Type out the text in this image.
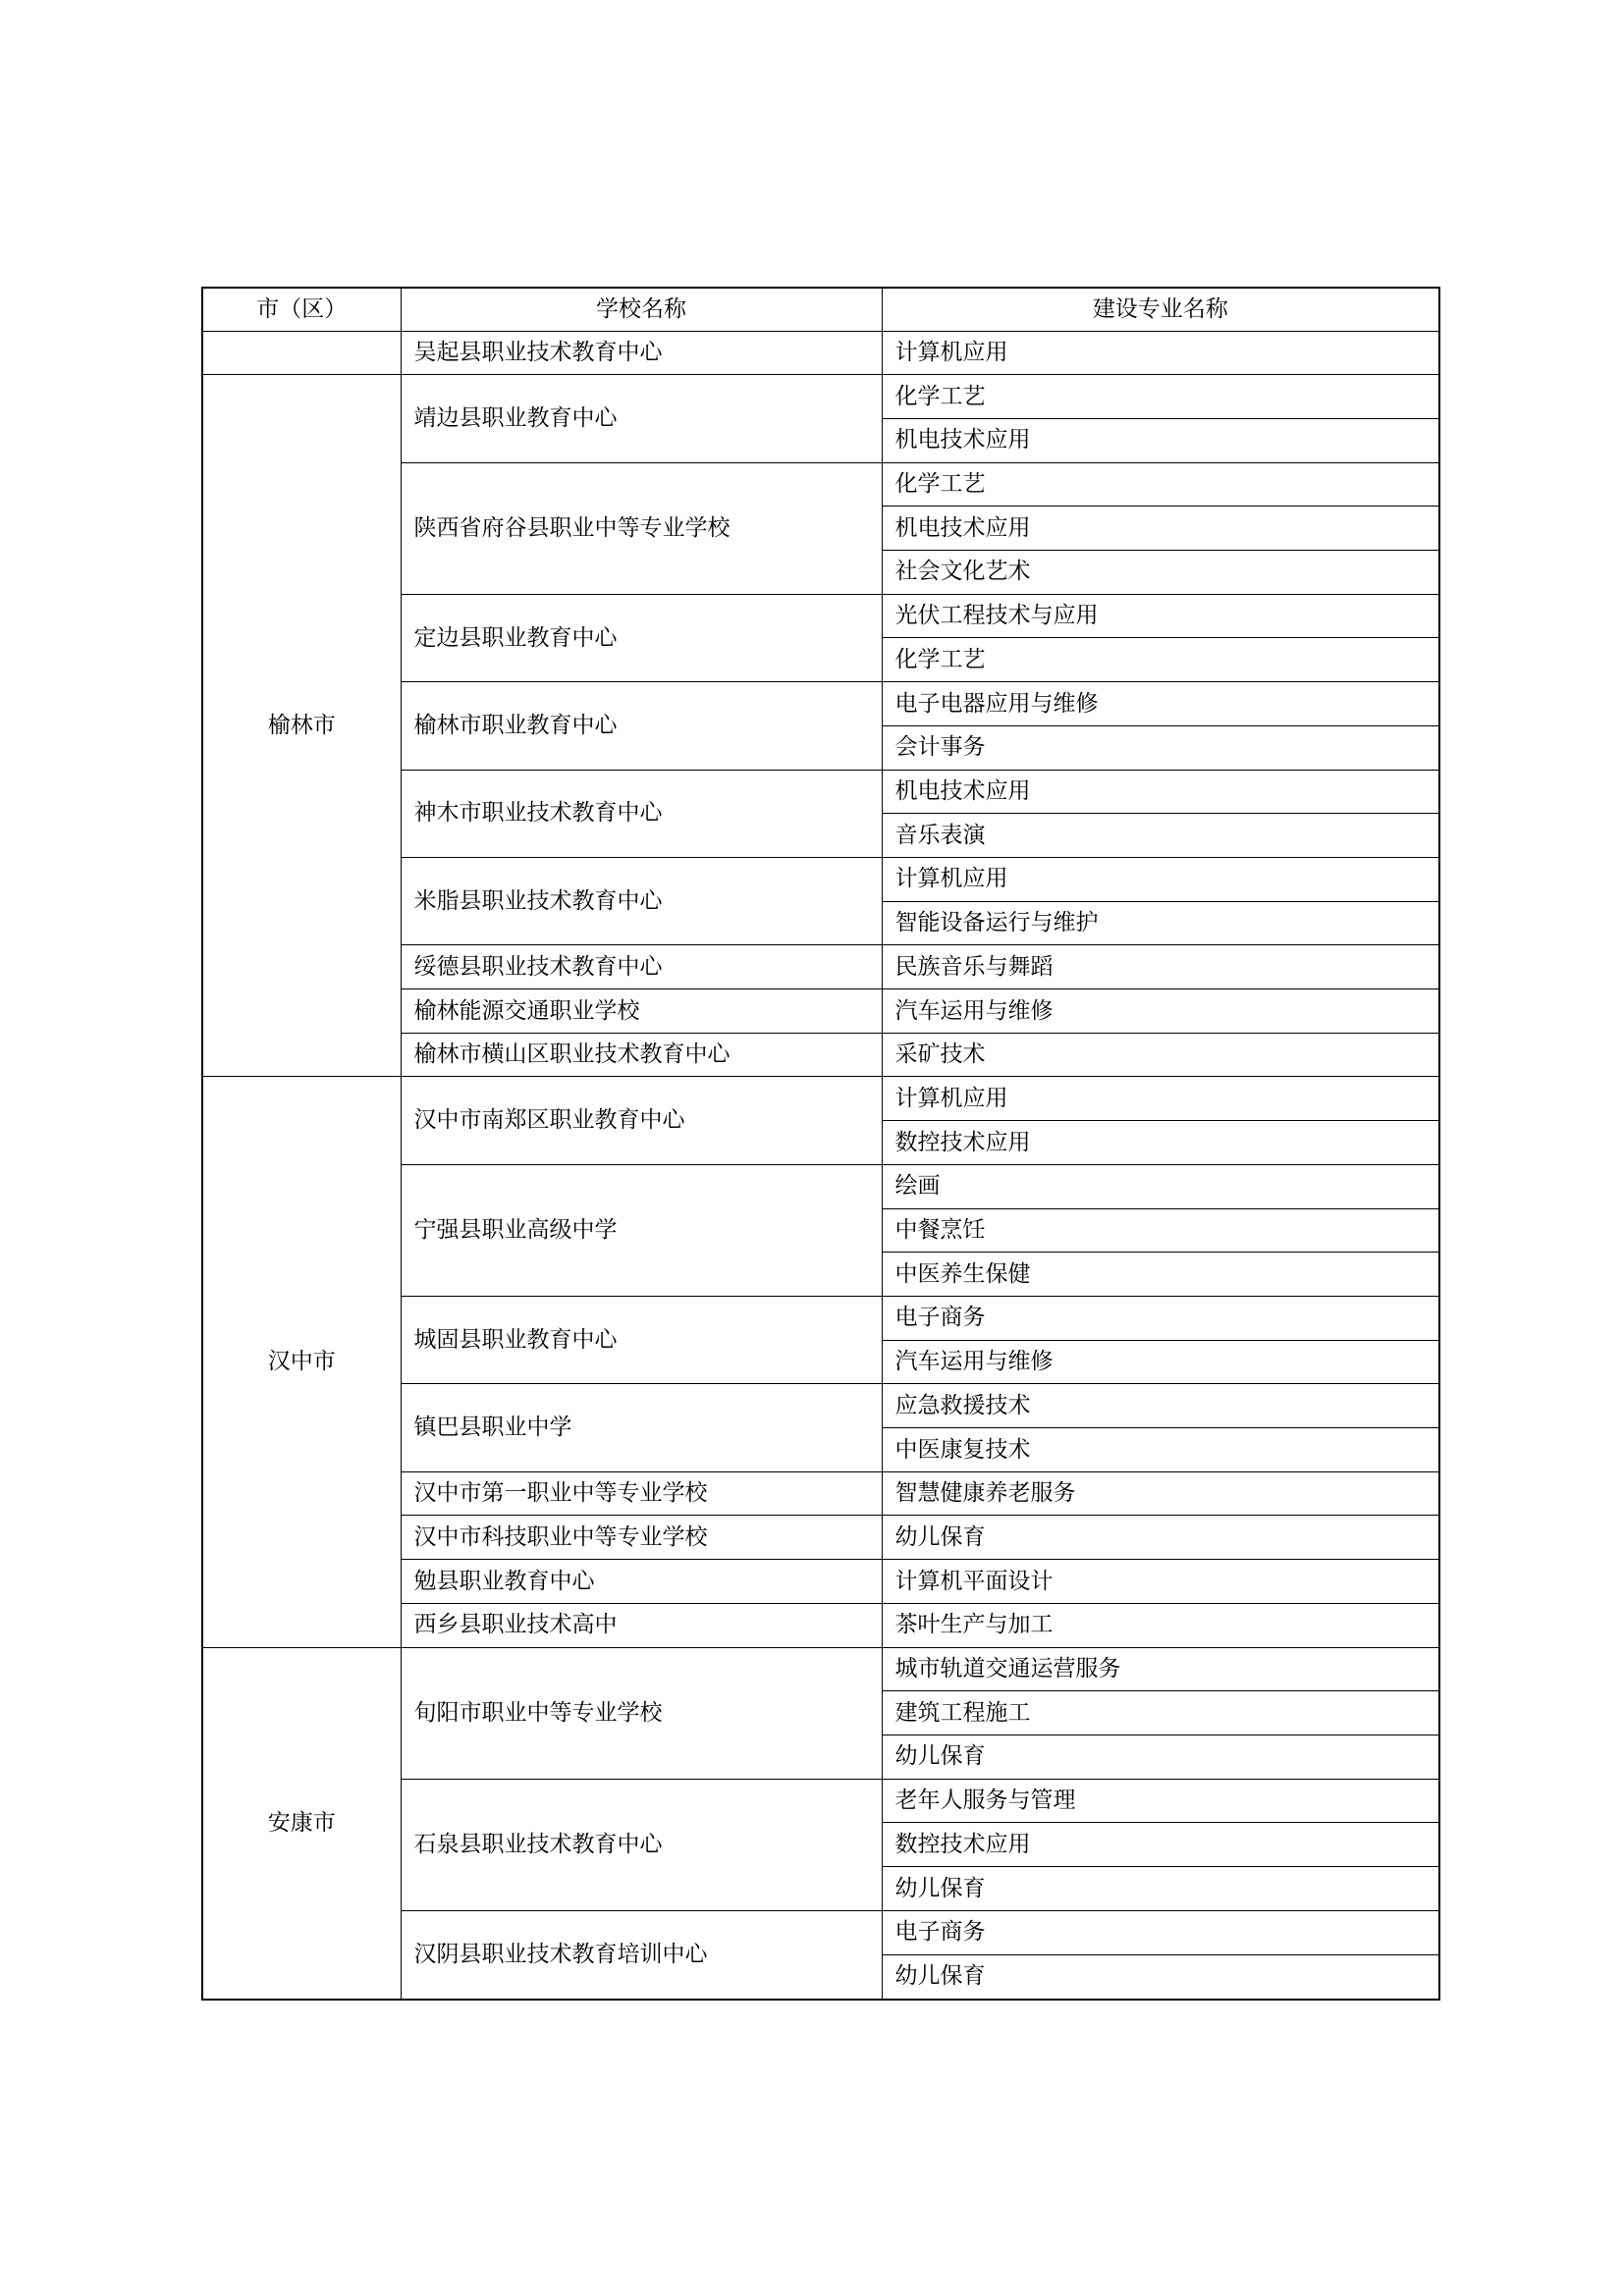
市（区）	学校名称	建设专业名称
	吴起县职业技术教育中心	计算机应用
榆林市	靖边县职业教育中心	化学工艺
		机电技术应用
	陕西省府谷县职业中等专业学校	化学工艺
		机电技术应用
		社会文化艺术
	定边县职业教育中心	光伏工程技术与应用
		化学工艺
	榆林市职业教育中心	电子电器应用与维修
		会计事务
	神木市职业技术教育中心	机电技术应用
		音乐表演
	米脂县职业技术教育中心	计算机应用
		智能设备运行与维护
	绥德县职业技术教育中心	民族音乐与舞蹈
	榆林能源交通职业学校	汽车运用与维修
	榆林市横山区职业技术教育中心	采矿技术
汉中市	汉中市南郑区职业教育中心	计算机应用
		数控技术应用
	宁强县职业高级中学	绘画
		中餐烹饪
		中医养生保健
	城固县职业教育中心	电子商务
		汽车运用与维修
	镇巴县职业中学	应急救援技术
		中医康复技术
	汉中市第一职业中等专业学校	智慧健康养老服务
	汉中市科技职业中等专业学校	幼儿保育
	勉县职业教育中心	计算机平面设计
	西乡县职业技术高中	茶叶生产与加工
安康市	旬阳市职业中等专业学校	城市轨道交通运营服务
		建筑工程施工
		幼儿保育
	石泉县职业技术教育中心	老年人服务与管理
		数控技术应用
		幼儿保育
	汉阴县职业技术教育培训中心	电子商务
		幼儿保育
